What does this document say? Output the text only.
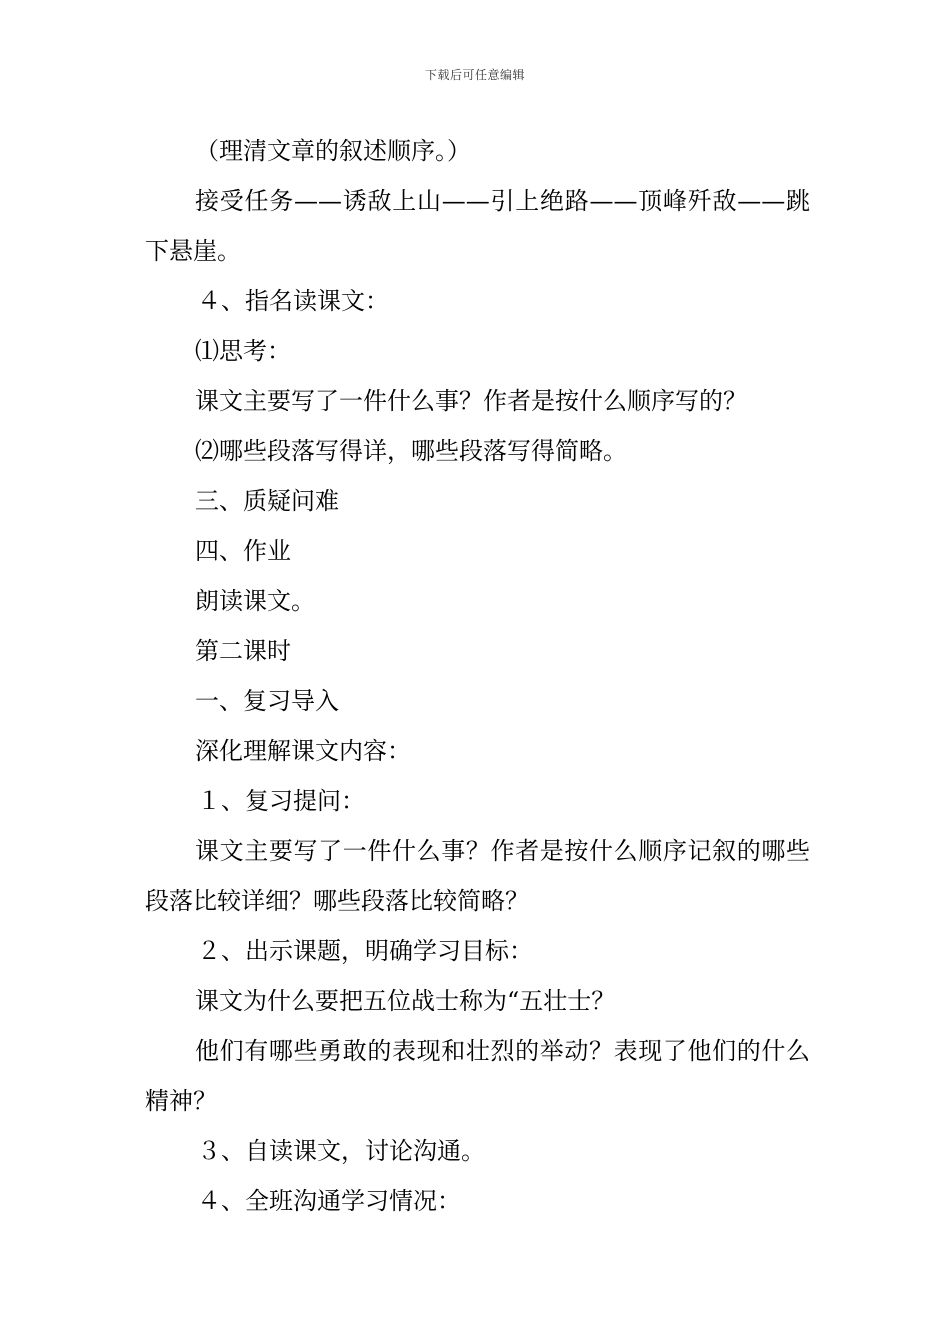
下载后可任意编辑

（理清文章的叙述顺序。）

接受任务——诱敌上山——引上绝路——顶峰歼敌——跳下悬崖。

４、指名读课文：

⑴思考：

课文主要写了一件什么事？作者是按什么顺序写的？

⑵哪些段落写得详，哪些段落写得简略。

三、质疑问难

四、作业

朗读课文。

第二课时

一、复习导入

深化理解课文内容：

１、复习提问：

课文主要写了一件什么事？作者是按什么顺序记叙的哪些段落比较详细？哪些段落比较简略？

２、出示课题，明确学习目标：

课文为什么要把五位战士称为“五壮士？

他们有哪些勇敢的表现和壮烈的举动？表现了他们的什么精神？

３、自读课文，讨论沟通。

４、全班沟通学习情况：
